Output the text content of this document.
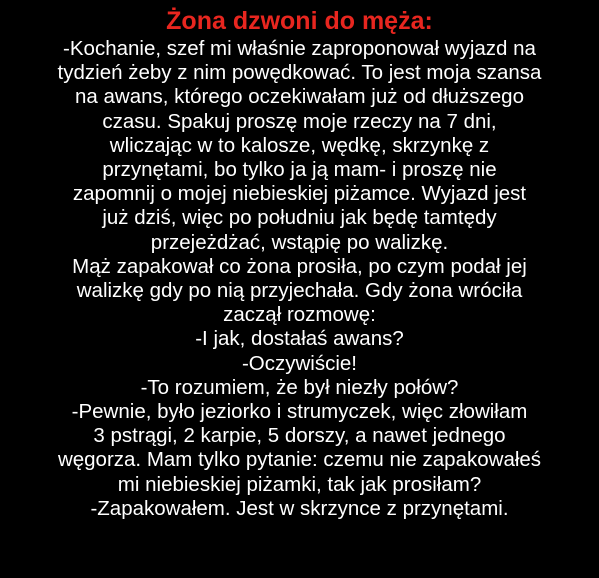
Żona dzwoni do męża:
-Kochanie, szef mi właśnie zaproponował wyjazd na
tydzień żeby z nim powędkować. To jest moja szansa
na awans, którego oczekiwałam już od dłuższego
czasu. Spakuj proszę moje rzeczy na 7 dni,
wliczając w to kalosze, wędkę, skrzynkę z
przynętami, bo tylko ja ją mam- i proszę nie
zapomnij o mojej niebieskiej piżamce. Wyjazd jest
już dziś, więc po południu jak będę tamtędy
przejeżdżać, wstąpię po walizkę.
Mąż zapakował co żona prosiła, po czym podał jej
walizkę gdy po nią przyjechała. Gdy żona wróciła
zaczął rozmowę:
-I jak, dostałaś awans?
-Oczywiście!
-To rozumiem, że był niezły połów?
-Pewnie, było jeziorko i strumyczek, więc złowiłam
3 pstrągi, 2 karpie, 5 dorszy, a nawet jednego
węgorza. Mam tylko pytanie: czemu nie zapakowałeś
mi niebieskiej piżamki, tak jak prosiłam?
-Zapakowałem. Jest w skrzynce z przynętami.
